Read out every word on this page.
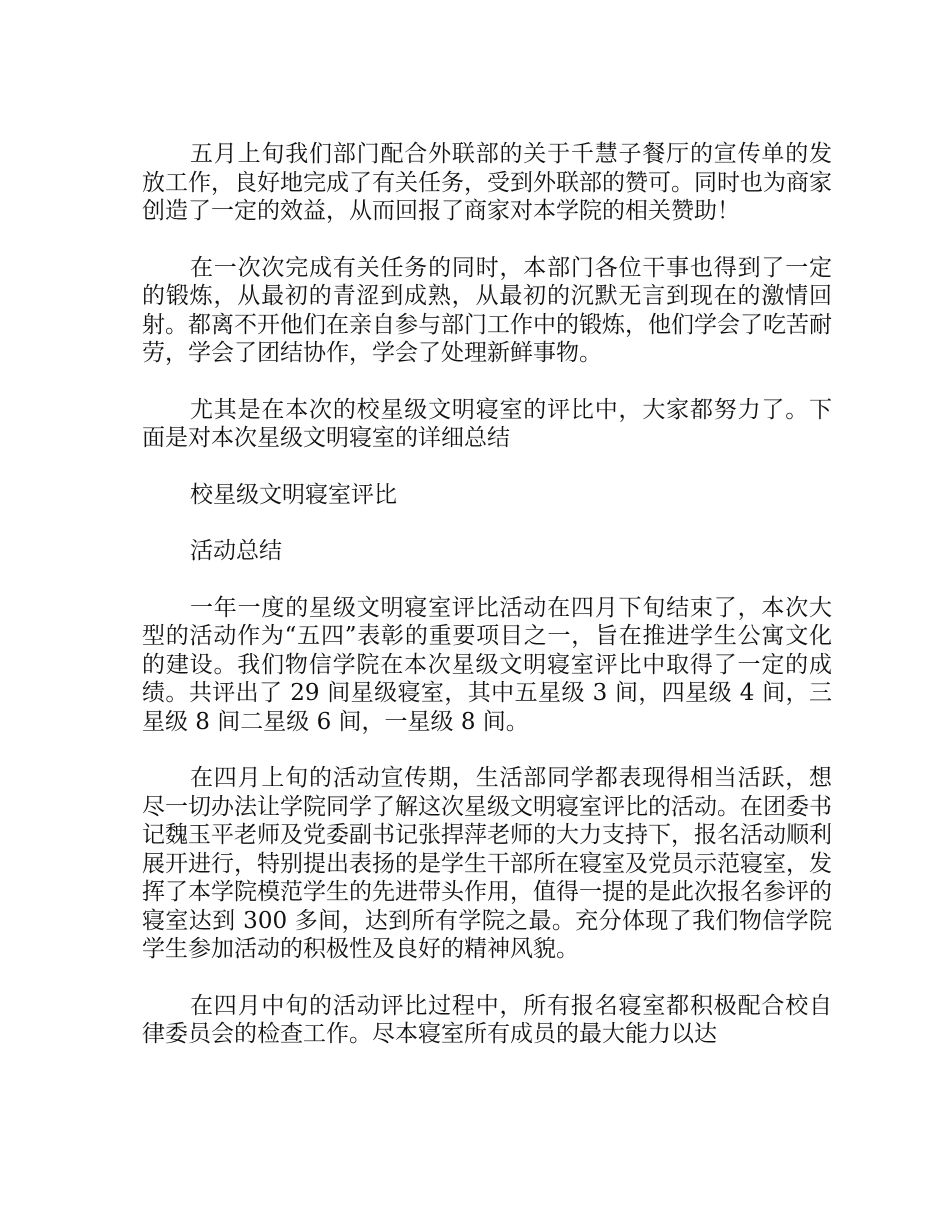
五月上旬我们部门配合外联部的关于千慧子餐厅的宣传单的发放工作，良好地完成了有关任务，受到外联部的赞可。同时也为商家创造了一定的效益，从而回报了商家对本学院的相关赞助！

在一次次完成有关任务的同时，本部门各位干事也得到了一定的锻炼，从最初的青涩到成熟，从最初的沉默无言到现在的激情回射。都离不开他们在亲自参与部门工作中的锻炼，他们学会了吃苦耐劳，学会了团结协作，学会了处理新鲜事物。

尤其是在本次的校星级文明寝室的评比中，大家都努力了。下面是对本次星级文明寝室的详细总结

校星级文明寝室评比

活动总结

一年一度的星级文明寝室评比活动在四月下旬结束了，本次大型的活动作为“五四”表彰的重要项目之一，旨在推进学生公寓文化的建设。我们物信学院在本次星级文明寝室评比中取得了一定的成绩。共评出了 29 间星级寝室，其中五星级 3 间，四星级 4 间，三星级 8 间二星级 6 间，一星级 8 间。

在四月上旬的活动宣传期，生活部同学都表现得相当活跃，想尽一切办法让学院同学了解这次星级文明寝室评比的活动。在团委书记魏玉平老师及党委副书记张捍萍老师的大力支持下，报名活动顺利展开进行，特别提出表扬的是学生干部所在寝室及党员示范寝室，发挥了本学院模范学生的先进带头作用，值得一提的是此次报名参评的寝室达到 300 多间，达到所有学院之最。充分体现了我们物信学院学生参加活动的积极性及良好的精神风貌。

在四月中旬的活动评比过程中，所有报名寝室都积极配合校自律委员会的检查工作。尽本寝室所有成员的最大能力以达
